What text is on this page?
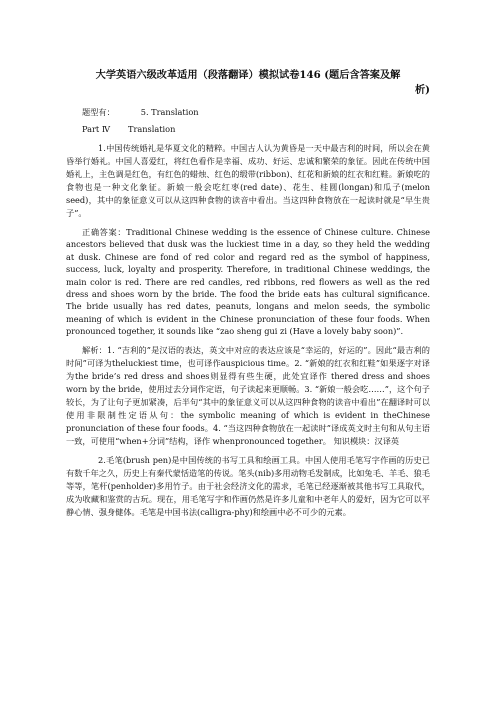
大学英语六级改革适用（段落翻译）模拟试卷146 (题后含答案及解
析)

题型有：	5. Translation

Part Ⅳ Translation

1.中国传统婚礼是华夏文化的精粹。中国古人认为黄昏是一天中最吉利的时间，所以会在黄昏举行婚礼。中国人喜爱红，将红色看作是幸福、成功、好运、忠诚和繁荣的象征。因此在传统中国婚礼上，主色调是红色，有红色的蜡烛、红色的缎带(ribbon)、红花和新娘的红衣和红鞋。新娘吃的食物也是一种文化象征。新娘一般会吃红枣(red date)、花生、桂圆(longan)和瓜子(melon seed)，其中的象征意义可以从这四种食物的读音中看出。当这四种食物放在一起读时就是“早生贵子”。

正确答案：Traditional Chinese wedding is the essence of Chinese culture. Chinese ancestors believed that dusk was the luckiest time in a day, so they held the wedding at dusk. Chinese are fond of red color and regard red as the symbol of happiness, success, luck, loyalty and prosperity. Therefore, in traditional Chinese weddings, the main color is red. There are red candles, red ribbons, red flowers as well as the red dress and shoes worn by the bride. The food the bride eats has cultural significance. The bride usually has red dates, peanuts, longans and melon seeds, the symbolic meaning of which is evident in the Chinese pronunciation of these four foods. When pronounced together, it sounds like “zao sheng gui zi (Have a lovely baby soon)”.

解析：1. “吉利的”是汉语的表达，英文中对应的表达应该是“幸运的，好运的”。因此“最吉利的时间”可译为theluckiest time，也可译作auspicious time。2. “新娘的红衣和红鞋”如果逐字对译为the bride’s red dress and shoes则显得有些生硬，此处宜译作 thered dress and shoes worn by the bride，使用过去分词作定语，句子读起来更顺畅。3. “新娘一般会吃……”，这个句子较长，为了让句子更加紧凑，后半句“其中的象征意义可以从这四种食物的读音中看出”在翻译时可以使用非限制性定语从句：the symbolic meaning of which is evident in theChinese pronunciation of these four foods。4. “当这四种食物放在一起读时”译成英文时主句和从句主语一致，可使用“when+分词”结构，译作 whenpronounced together。 知识模块：汉译英

2.毛笔(brush pen)是中国传统的书写工具和绘画工具。中国人使用毛笔写字作画的历史已有数千年之久，历史上有秦代蒙恬造笔的传说。笔头(nib)多用动物毛发制成，比如兔毛、羊毛、狼毛等等，笔杆(penholder)多用竹子。由于社会经济文化的需求，毛笔已经逐渐被其他书写工具取代，成为收藏和鉴赏的古玩。现在，用毛笔写字和作画仍然是许多儿童和中老年人的爱好，因为它可以平静心情、强身健体。毛笔是中国书法(calligra-phy)和绘画中必不可少的元素。
